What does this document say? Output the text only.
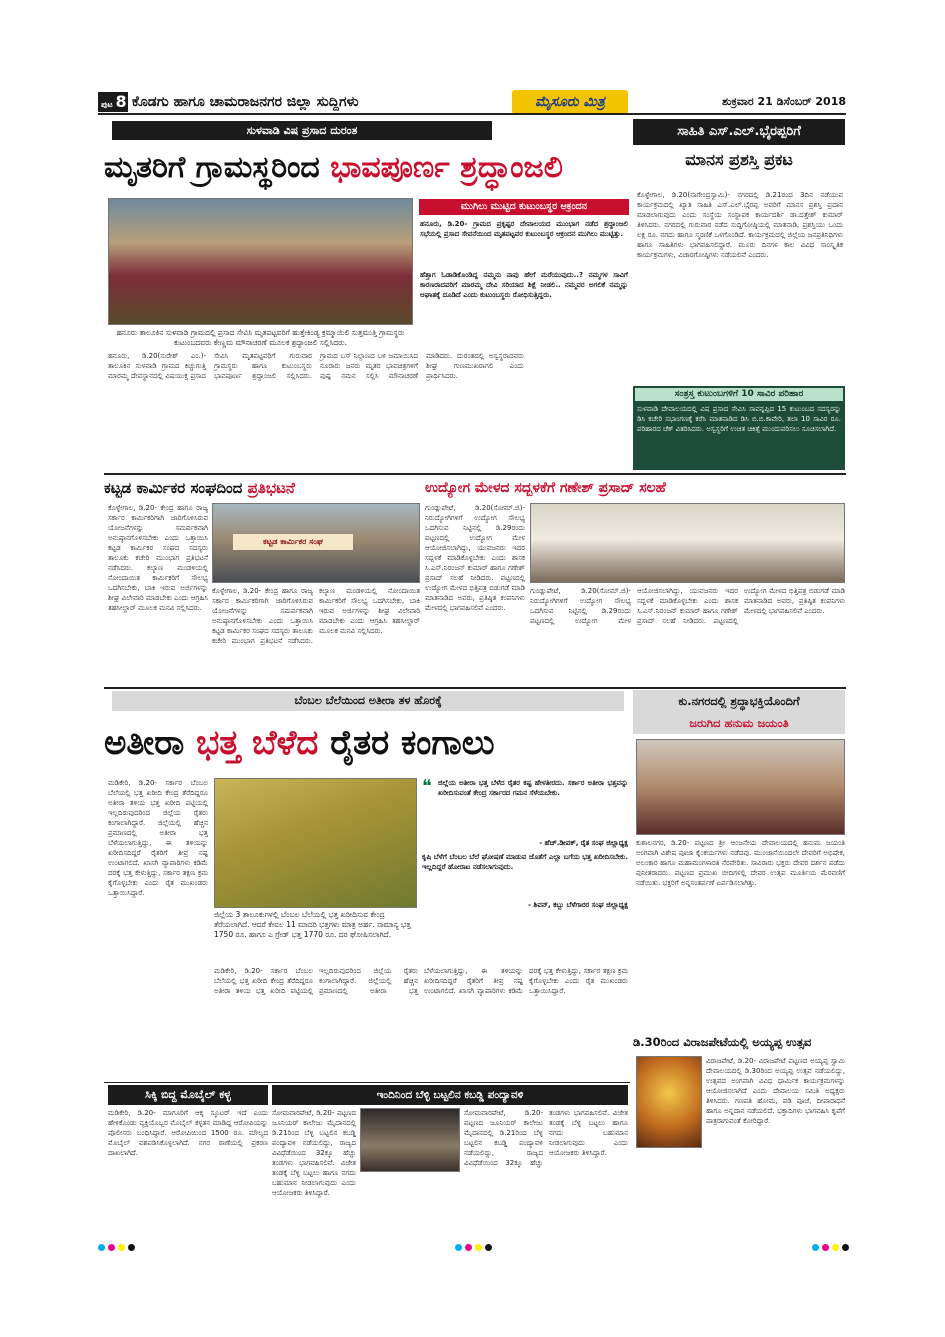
ಪುಟ 8 ಕೊಡಗು ಹಾಗೂ ಚಾಮರಾಜನಗರ ಜಿಲ್ಲಾ ಸುದ್ದಿಗಳು	ಮೈಸೂರು ಮಿತ್ರ	ಶುಕ್ರವಾರ 21 ಡಿಸೆಂಬರ್ 2018
ಸುಳವಾಡಿ ವಿಷ ಪ್ರಸಾದ ದುರಂತ
ಮೃತರಿಗೆ ಗ್ರಾಮಸ್ಥರಿಂದ ಭಾವಪೂರ್ಣ ಶ್ರದ್ಧಾಂಜಲಿ
ಹನೂರು ತಾಲೂಕಿನ ಸುಳವಾಡಿ ಗ್ರಾಮದಲ್ಲಿ ಪ್ರಸಾದ ಸೇವಿಸಿ ಮೃತಪಟ್ಟವರಿಗೆ ಹುತ್ತೇಕಿಂಡ್ಯ ಕ್ರಮ್ಮಾಯಿಲಿ ಸುತ್ತಮುತ್ತಿ ಗ್ರಾಮಸ್ಥರು ಕುಟುಂಬದವರು ಕೇಣ್ಣಮ ಮೌನಾಚರಣೆ ಮೂಲಕ ಶ್ರದ್ಧಾಂಜಲಿ ಸಲ್ಲಿಸಿದರು.
ಮುಗಿಲು ಮುಟ್ಟಿದ ಕುಟುಂಬಸ್ಥರ ಆಕ್ರಂದನ
ಹನೂರು, ಡಿ.20- ಗ್ರಾಮದ ಪ್ರಕೃಷ್ಟರ ದೇವಾಲಯದ ಮುಂಭಾಗ ನಡೆದ ಶ್ರದ್ಧಾಂಜಲಿ ಸಭೆಯಲ್ಲಿ ಪ್ರಸಾದ ಸೇವನೆಯಿಂದ ಮೃತಪಟ್ಟವರ ಕುಟುಂಬಸ್ಥರ ಆಕ್ರಂದನ ಮುಗಿಲು ಮುಟ್ಟಿತ್ತು.
ಹೆತ್ತಾಗ ಓಡಾಡಿಕೊಂಡಿದ್ದ ನಮ್ಮನು ನಾವು ಹೇಗೆ ಮರೆಯುವುದು..? ನಮ್ಮಗಳ ಸಾವಿಗೆ ಕಾರಣರಾದವರಿಗೆ ಮಾರಮ್ಮ ದೇವಿ ಸರಿಯಾದ ಶಿಕ್ಷೆ ನೀಡಲಿ.. ನಮ್ಮವರ ಅಗಲಿಕೆ ನಮ್ಮನ್ನು ಆಘಾತಕ್ಕೆ ದೂಡಿದೆ ಎಂದು ಕುಟುಂಬಸ್ಥರು ರೋಧಿಸುತ್ತಿದ್ದರು.
ಹನೂರು, ಡಿ.20(ಸುರೇಶ್ ಎಂ.)- ತಾಲೂಕಿನ ಸುಳವಾಡಿ ಗ್ರಾಮದ ಕಿಚ್ಚುಗುತ್ತಿ ಮಾರಮ್ಮ ದೇವಸ್ಥಾನದಲ್ಲಿ ವಿಷಯುಕ್ತ ಪ್ರಸಾದ ಸೇವಿಸಿ ಮೃತಪಟ್ಟವರಿಗೆ ಗುರುವಾರ ಗ್ರಾಮಸ್ಥರು ಹಾಗೂ ಕುಟುಂಬಸ್ಥರು ಭಾವಪೂರ್ಣ ಶ್ರದ್ಧಾಂಜಲಿ ಸಲ್ಲಿಸಿದರು. ಗ್ರಾಮದ ಬಸ್ ನಿಲ್ದಾಣದ ಬಳಿ ಜಮಾಯಿಸಿದ ನೂರಾರು ಜನರು ಮೃತರ ಭಾವಚಿತ್ರಗಳಿಗೆ ಪುಷ್ಪ ನಮನ ಸಲ್ಲಿಸಿ ಮೌನಾಚರಣೆ ಮಾಡಿದರು. ದುರಂತದಲ್ಲಿ ಅಸ್ವಸ್ಥರಾದವರು ಶೀಘ್ರ ಗುಣಮುಖರಾಗಲಿ ಎಂದು ಪ್ರಾರ್ಥಿಸಿದರು.
ಸಾಹಿತಿ ಎಸ್.ಎಲ್.ಭೈರಪ್ಪರಿಗೆ
ಮಾನಸ ಪ್ರಶಸ್ತಿ ಪ್ರಕಟ
ಕೊಳ್ಳೇಗಾಲ, ಡಿ.20(ನಾಗೇಂದ್ರಸ್ವಾಮಿ)- ನಗರದಲ್ಲಿ ಡಿ.21ರಂದ 3ದಿನ ನಡೆಯುವ ಕಾರ್ಯಕ್ರಮದಲ್ಲಿ ಖ್ಯಾತ ಸಾಹಿತಿ ಎಸ್.ಎಲ್.ಭೈರಪ್ಪ ಅವರಿಗೆ ಮಾನಸ ಪ್ರಶಸ್ತಿ ಪ್ರದಾನ ಮಾಡಲಾಗುವುದು ಎಂದು ಸಂಸ್ಥೆಯ ಸಂಸ್ಥಾಪಕ ಕಾರ್ಯದರ್ಶಿ ಡಾ.ದತ್ತೇಶ್ ಕುಮಾರ್ ತಿಳಿಸಿದರು. ನಗರದಲ್ಲಿ ಗುರುವಾರ ನಡೆದ ಸುದ್ದಿಗೋಷ್ಠಿಯಲ್ಲಿ ಮಾತನಾಡಿ, ಪ್ರಶಸ್ತಿಯು ಒಂದು ಲಕ್ಷ ರೂ. ನಗದು ಹಾಗೂ ಸ್ಮರಣಿಕೆ ಒಳಗೊಂಡಿದೆ. ಕಾರ್ಯಕ್ರಮದಲ್ಲಿ ಜಿಲ್ಲೆಯ ಜನಪ್ರತಿನಿಧಿಗಳು ಹಾಗೂ ಸಾಹಿತಿಗಳು ಭಾಗವಹಿಸಲಿದ್ದಾರೆ. ಮೂರು ದಿನಗಳ ಕಾಲ ವಿವಿಧ ಸಾಂಸ್ಕೃತಿಕ ಕಾರ್ಯಕ್ರಮಗಳು, ವಿಚಾರಗೋಷ್ಠಿಗಳು ನಡೆಯಲಿವೆ ಎಂದರು.
ಸಂತ್ರಸ್ತ ಕುಟುಂಬಗಳಿಗೆ 10 ಸಾವಿರ ಪರಿಹಾರ
ಸುಳವಾಡಿ ದೇವಾಲಯದಲ್ಲಿ ವಿಷ ಪ್ರಸಾದ ಸೇವಿಸಿ ಸಾವನ್ನಪ್ಪಿದ 15 ಕುಟುಂಬದ ಸದಸ್ಯರನ್ನು ಡಿಸಿ ಕಚೇರಿ ಸಭಾಂಗಣಕ್ಕೆ ಕರೆಸಿ ಮಾತನಾಡಿದ ಡಿಸಿ ಬಿ.ಬಿ.ಕಾವೇರಿ, ತಲಾ 10 ಸಾವಿರ ರೂ. ಪರಿಹಾರದ ಚೆಕ್ ವಿತರಿಸಿದರು. ಅಸ್ವಸ್ಥರಿಗೆ ಉಚಿತ ಚಿಕಿತ್ಸೆ ಮುಂದುವರಿಸಲು ಸೂಚಿಸಲಾಗಿದೆ.
ಕಟ್ಟಡ ಕಾರ್ಮಿಕರ ಸಂಘದಿಂದ ಪ್ರತಿಭಟನೆ
ಕೊಳ್ಳೇಗಾಲ, ಡಿ.20- ಕೇಂದ್ರ ಹಾಗೂ ರಾಜ್ಯ ಸರ್ಕಾರ ಕಾರ್ಮಿಕರಿಗಾಗಿ ಜಾರಿಗೊಳಿಸಿರುವ ಯೋಜನೆಗಳನ್ನು ಸಮರ್ಪಕವಾಗಿ ಅನುಷ್ಠಾನಗೊಳಿಸಬೇಕು ಎಂದು ಒತ್ತಾಯಿಸಿ ಕಟ್ಟಡ ಕಾರ್ಮಿಕರ ಸಂಘದ ಸದಸ್ಯರು ತಾಲೂಕು ಕಚೇರಿ ಮುಂಭಾಗ ಪ್ರತಿಭಟನೆ ನಡೆಸಿದರು. ಕಲ್ಯಾಣ ಮಂಡಳಿಯಲ್ಲಿ ನೋಂದಾಯಿತ ಕಾರ್ಮಿಕರಿಗೆ ಸೌಲಭ್ಯ ಒದಗಿಸಬೇಕು, ಬಾಕಿ ಇರುವ ಅರ್ಜಿಗಳನ್ನು ಶೀಘ್ರ ವಿಲೇವಾರಿ ಮಾಡಬೇಕು ಎಂದು ಆಗ್ರಹಿಸಿ ತಹಸೀಲ್ದಾರ್ ಮೂಲಕ ಮನವಿ ಸಲ್ಲಿಸಿದರು.
ಕಟ್ಟಡ ಕಾರ್ಮಿಕರ ಸಂಘ
ಕೊಳ್ಳೇಗಾಲ, ಡಿ.20- ಕೇಂದ್ರ ಹಾಗೂ ರಾಜ್ಯ ಸರ್ಕಾರ ಕಾರ್ಮಿಕರಿಗಾಗಿ ಜಾರಿಗೊಳಿಸಿರುವ ಯೋಜನೆಗಳನ್ನು ಸಮರ್ಪಕವಾಗಿ ಅನುಷ್ಠಾನಗೊಳಿಸಬೇಕು ಎಂದು ಒತ್ತಾಯಿಸಿ ಕಟ್ಟಡ ಕಾರ್ಮಿಕರ ಸಂಘದ ಸದಸ್ಯರು ತಾಲೂಕು ಕಚೇರಿ ಮುಂಭಾಗ ಪ್ರತಿಭಟನೆ ನಡೆಸಿದರು. ಕಲ್ಯಾಣ ಮಂಡಳಿಯಲ್ಲಿ ನೋಂದಾಯಿತ ಕಾರ್ಮಿಕರಿಗೆ ಸೌಲಭ್ಯ ಒದಗಿಸಬೇಕು, ಬಾಕಿ ಇರುವ ಅರ್ಜಿಗಳನ್ನು ಶೀಘ್ರ ವಿಲೇವಾರಿ ಮಾಡಬೇಕು ಎಂದು ಆಗ್ರಹಿಸಿ ತಹಸೀಲ್ದಾರ್ ಮೂಲಕ ಮನವಿ ಸಲ್ಲಿಸಿದರು.
ಉದ್ಯೋಗ ಮೇಳದ ಸದ್ಬಳಕೆಗೆ ಗಣೇಶ್ ಪ್ರಸಾದ್ ಸಲಹೆ
ಗುಂಡ್ಲುಪೇಟೆ, ಡಿ.20(ಸೋಮ್.ಜಿ)- ನಿರುದ್ಯೋಗಿಗಳಿಗೆ ಉದ್ಯೋಗ ಸೌಲಭ್ಯ ಒದಗಿಸುವ ನಿಟ್ಟಿನಲ್ಲಿ ಡಿ.29ರಂದು ಪಟ್ಟಣದಲ್ಲಿ ಉದ್ಯೋಗ ಮೇಳ ಆಯೋಜಿಸಲಾಗಿದ್ದು, ಯುವಜನರು ಇದರ ಸದ್ಬಳಕೆ ಮಾಡಿಕೊಳ್ಳಬೇಕು ಎಂದು ಶಾಸಕ ಸಿ.ಎಸ್.ನಿರಂಜನ್ ಕುಮಾರ್ ಹಾಗೂ ಗಣೇಶ್ ಪ್ರಸಾದ್ ಸಲಹೆ ನೀಡಿದರು. ಪಟ್ಟಣದಲ್ಲಿ ಉದ್ಯೋಗ ಮೇಳದ ಭಿತ್ತಿಪತ್ರ ಬಿಡುಗಡೆ ಮಾಡಿ ಮಾತನಾಡಿದ ಅವರು, ಪ್ರತಿಷ್ಠಿತ ಕಂಪನಿಗಳು ಮೇಳದಲ್ಲಿ ಭಾಗವಹಿಸಲಿವೆ ಎಂದರು.
ಗುಂಡ್ಲುಪೇಟೆ, ಡಿ.20(ಸೋಮ್.ಜಿ)- ನಿರುದ್ಯೋಗಿಗಳಿಗೆ ಉದ್ಯೋಗ ಸೌಲಭ್ಯ ಒದಗಿಸುವ ನಿಟ್ಟಿನಲ್ಲಿ ಡಿ.29ರಂದು ಪಟ್ಟಣದಲ್ಲಿ ಉದ್ಯೋಗ ಮೇಳ ಆಯೋಜಿಸಲಾಗಿದ್ದು, ಯುವಜನರು ಇದರ ಸದ್ಬಳಕೆ ಮಾಡಿಕೊಳ್ಳಬೇಕು ಎಂದು ಶಾಸಕ ಸಿ.ಎಸ್.ನಿರಂಜನ್ ಕುಮಾರ್ ಹಾಗೂ ಗಣೇಶ್ ಪ್ರಸಾದ್ ಸಲಹೆ ನೀಡಿದರು. ಪಟ್ಟಣದಲ್ಲಿ ಉದ್ಯೋಗ ಮೇಳದ ಭಿತ್ತಿಪತ್ರ ಬಿಡುಗಡೆ ಮಾಡಿ ಮಾತನಾಡಿದ ಅವರು, ಪ್ರತಿಷ್ಠಿತ ಕಂಪನಿಗಳು ಮೇಳದಲ್ಲಿ ಭಾಗವಹಿಸಲಿವೆ ಎಂದರು.
ಬೆಂಬಲ ಬೆಲೆಯಿಂದ ಅತೀರಾ ತಳ ಹೊರಕ್ಕೆ
ಅತೀರಾ ಭತ್ತ ಬೆಳೆದ ರೈತರ ಕಂಗಾಲು
ಮಡಿಕೇರಿ, ಡಿ.20- ಸರ್ಕಾರ ಬೆಂಬಲ ಬೆಲೆಯಲ್ಲಿ ಭತ್ತ ಖರೀದಿ ಕೇಂದ್ರ ತೆರೆದಿದ್ದರೂ ಅತೀರಾ ತಳಿಯ ಭತ್ತ ಖರೀದಿ ಪಟ್ಟಿಯಲ್ಲಿ ಇಲ್ಲದಿರುವುದರಿಂದ ಜಿಲ್ಲೆಯ ರೈತರು ಕಂಗಾಲಾಗಿದ್ದಾರೆ. ಜಿಲ್ಲೆಯಲ್ಲಿ ಹೆಚ್ಚಿನ ಪ್ರಮಾಣದಲ್ಲಿ ಅತೀರಾ ಭತ್ತ ಬೆಳೆಯಲಾಗುತ್ತಿದ್ದು, ಈ ತಳಿಯನ್ನು ಖರೀದಿಸದಿದ್ದರೆ ರೈತರಿಗೆ ತೀವ್ರ ನಷ್ಟ ಉಂಟಾಗಲಿದೆ. ಖಾಸಗಿ ವ್ಯಾಪಾರಿಗಳು ಕಡಿಮೆ ದರಕ್ಕೆ ಭತ್ತ ಕೇಳುತ್ತಿದ್ದು, ಸರ್ಕಾರ ತಕ್ಷಣ ಕ್ರಮ ಕೈಗೊಳ್ಳಬೇಕು ಎಂದು ರೈತ ಮುಖಂಡರು ಒತ್ತಾಯಿಸಿದ್ದಾರೆ.
ಜಿಲ್ಲೆಯ 3 ತಾಲೂಕುಗಳಲ್ಲಿ ಬೆಂಬಲ ಬೆಲೆಯಲ್ಲಿ ಭತ್ತ ಖರೀದಿಸುವ ಕೇಂದ್ರ ತೆರೆಯಲಾಗಿದೆ. ಆದರೆ ಕೇವಲ 11 ಮಾದರಿ ಭತ್ತಗಳು ಮಾತ್ರ ಅರ್ಹ. ಸಾಮಾನ್ಯ ಭತ್ತ 1750 ರೂ. ಹಾಗೂ ಎ ಗ್ರೇಡ್ ಭತ್ತ 1770 ರೂ. ದರ ಘೋಷಿಸಲಾಗಿದೆ.
❝ ಜಿಲ್ಲೆಯ ಅತೀರಾ ಭತ್ತ ಬೆಳೆದ ರೈತರ ಕಷ್ಟ ಹೇಳತೀರದು. ಸರ್ಕಾರ ಅತೀರಾ ಭತ್ತವನ್ನು ಖರೀದಿಸುವಂತೆ ಕೇಂದ್ರ ಸರ್ಕಾರದ ಗಮನ ಸೆಳೆಯಬೇಕು.
- ಹೆಚ್.ಡೀಪಕ್, ರೈತ ಸಂಘ ಜಿಲ್ಲಾಧ್ಯಕ್ಷ
ಕೃಷಿ ಬೆಳೆಗೆ ಬೆಂಬಲ ಬೆಲೆ ಘೋಷಣೆ ಮಾಡುವ ಜೊತೆಗೆ ಎಲ್ಲಾ ಬಗೆಯ ಭತ್ತ ಖರೀದಿಸಬೇಕು. ಇಲ್ಲದಿದ್ದರೆ ಹೋರಾಟ ನಡೆಸಲಾಗುವುದು.
- ಶಿವನ್, ಕಬ್ಬು ಬೆಳೆಗಾರರ ಸಂಘ ಜಿಲ್ಲಾಧ್ಯಕ್ಷ
ಮಡಿಕೇರಿ, ಡಿ.20- ಸರ್ಕಾರ ಬೆಂಬಲ ಬೆಲೆಯಲ್ಲಿ ಭತ್ತ ಖರೀದಿ ಕೇಂದ್ರ ತೆರೆದಿದ್ದರೂ ಅತೀರಾ ತಳಿಯ ಭತ್ತ ಖರೀದಿ ಪಟ್ಟಿಯಲ್ಲಿ ಇಲ್ಲದಿರುವುದರಿಂದ ಜಿಲ್ಲೆಯ ರೈತರು ಕಂಗಾಲಾಗಿದ್ದಾರೆ. ಜಿಲ್ಲೆಯಲ್ಲಿ ಹೆಚ್ಚಿನ ಪ್ರಮಾಣದಲ್ಲಿ ಅತೀರಾ ಭತ್ತ ಬೆಳೆಯಲಾಗುತ್ತಿದ್ದು, ಈ ತಳಿಯನ್ನು ಖರೀದಿಸದಿದ್ದರೆ ರೈತರಿಗೆ ತೀವ್ರ ನಷ್ಟ ಉಂಟಾಗಲಿದೆ. ಖಾಸಗಿ ವ್ಯಾಪಾರಿಗಳು ಕಡಿಮೆ ದರಕ್ಕೆ ಭತ್ತ ಕೇಳುತ್ತಿದ್ದು, ಸರ್ಕಾರ ತಕ್ಷಣ ಕ್ರಮ ಕೈಗೊಳ್ಳಬೇಕು ಎಂದು ರೈತ ಮುಖಂಡರು ಒತ್ತಾಯಿಸಿದ್ದಾರೆ.
ಕು.ನಗರದಲ್ಲಿ ಶ್ರದ್ಧಾಭಕ್ತಿಯೊಂದಿಗೆ
ಜರುಗಿದ ಹನುಮ ಜಯಂತಿ
ಕುಶಾಲನಗರ, ಡಿ.20- ಪಟ್ಟಣದ ಶ್ರೀ ಆಂಜನೇಯ ದೇವಾಲಯದಲ್ಲಿ ಹನುಮ ಜಯಂತಿ ಅಂಗವಾಗಿ ವಿಶೇಷ ಪೂಜಾ ಕೈಂಕರ್ಯಗಳು ನಡೆದವು. ಮುಂಜಾನೆಯಿಂದಲೇ ದೇವರಿಗೆ ಅಭಿಷೇಕ, ಅಲಂಕಾರ ಹಾಗೂ ಮಹಾಮಂಗಳಾರತಿ ನೆರವೇರಿತು. ಸಾವಿರಾರು ಭಕ್ತರು ದೇವರ ದರ್ಶನ ಪಡೆದು ಪುನೀತರಾದರು. ಪಟ್ಟಣದ ಪ್ರಮುಖ ಬೀದಿಗಳಲ್ಲಿ ದೇವರ ಉತ್ಸವ ಮೂರ್ತಿಯ ಮೆರವಣಿಗೆ ನಡೆಯಿತು. ಭಕ್ತರಿಗೆ ಅನ್ನಸಂತರ್ಪಣೆ ಏರ್ಪಡಿಸಲಾಗಿತ್ತು.
ಡಿ.30ರಿಂದ ವಿರಾಜಪೇಟೆಯಲ್ಲಿ ಅಯ್ಯಪ್ಪ ಉತ್ಸವ
ವಿರಾಜಪೇಟೆ, ಡಿ.20- ವಿರಾಜಪೇಟೆ ಪಟ್ಟಣದ ಅಯ್ಯಪ್ಪ ಸ್ವಾಮಿ ದೇವಾಲಯದಲ್ಲಿ ಡಿ.30ರಿಂದ ಅಯ್ಯಪ್ಪ ಉತ್ಸವ ನಡೆಯಲಿದ್ದು, ಉತ್ಸವದ ಅಂಗವಾಗಿ ವಿವಿಧ ಧಾರ್ಮಿಕ ಕಾರ್ಯಕ್ರಮಗಳನ್ನು ಆಯೋಜಿಸಲಾಗಿದೆ ಎಂದು ದೇವಾಲಯ ಸಮಿತಿ ಅಧ್ಯಕ್ಷರು ತಿಳಿಸಿದರು. ಗಣಪತಿ ಹೋಮ, ಪಡಿ ಪೂಜೆ, ದೀಪಾರಾಧನೆ ಹಾಗೂ ಅನ್ನದಾನ ನಡೆಯಲಿದೆ. ಭಕ್ತಾದಿಗಳು ಭಾಗವಹಿಸಿ ಕೃಪೆಗೆ ಪಾತ್ರರಾಗುವಂತೆ ಕೋರಿದ್ದಾರೆ.
ಸಿಕ್ಕಿ ಬಿದ್ದ ಮೊಬೈಲ್ ಕಳ್ಳ
ಮಡಿಕೇರಿ, ಡಿ.20- ಮಾಗೂರಿಗೆ ಆಕ್ಕ ಸ್ಕೂಟರ್ ಇದೆ ಎಂದು ಹೇಳಿಕೊಂಡು ವ್ಯಕ್ತಿಯೊಬ್ಬರ ಮೊಬೈಲ್ ಕಳ್ಳತನ ಮಾಡಿದ್ದ ಆರೋಪಿಯನ್ನು ಪೊಲೀಸರು ಬಂಧಿಸಿದ್ದಾರೆ. ಆರೋಪಿಯಿಂದ 1500 ರೂ. ಮೌಲ್ಯದ ಮೊಬೈಲ್ ವಶಪಡಿಸಿಕೊಳ್ಳಲಾಗಿದೆ. ನಗರ ಠಾಣೆಯಲ್ಲಿ ಪ್ರಕರಣ ದಾಖಲಾಗಿದೆ.
ಇಂದಿನಿಂದ ಬೆಳ್ಳಿ ಬಟ್ಟಲಿನ ಕಬಡ್ಡಿ ಪಂದ್ಯಾವಳಿ
ಸೋಮವಾರಪೇಟೆ, ಡಿ.20- ಪಟ್ಟಣದ ಜೂನಿಯರ್ ಕಾಲೇಜು ಮೈದಾನದಲ್ಲಿ ಡಿ.21ರಿಂದ ಬೆಳ್ಳಿ ಬಟ್ಟಲಿನ ಕಬಡ್ಡಿ ಪಂದ್ಯಾವಳಿ ನಡೆಯಲಿದ್ದು, ರಾಜ್ಯದ ವಿವಿಧೆಡೆಯಿಂದ 32ಕ್ಕೂ ಹೆಚ್ಚು ತಂಡಗಳು ಭಾಗವಹಿಸಲಿವೆ. ವಿಜೇತ ತಂಡಕ್ಕೆ ಬೆಳ್ಳಿ ಬಟ್ಟಲು ಹಾಗೂ ನಗದು ಬಹುಮಾನ ನೀಡಲಾಗುವುದು ಎಂದು ಆಯೋಜಕರು ತಿಳಿಸಿದ್ದಾರೆ.
ಸೋಮವಾರಪೇಟೆ, ಡಿ.20- ಪಟ್ಟಣದ ಜೂನಿಯರ್ ಕಾಲೇಜು ಮೈದಾನದಲ್ಲಿ ಡಿ.21ರಿಂದ ಬೆಳ್ಳಿ ಬಟ್ಟಲಿನ ಕಬಡ್ಡಿ ಪಂದ್ಯಾವಳಿ ನಡೆಯಲಿದ್ದು, ರಾಜ್ಯದ ವಿವಿಧೆಡೆಯಿಂದ 32ಕ್ಕೂ ಹೆಚ್ಚು ತಂಡಗಳು ಭಾಗವಹಿಸಲಿವೆ. ವಿಜೇತ ತಂಡಕ್ಕೆ ಬೆಳ್ಳಿ ಬಟ್ಟಲು ಹಾಗೂ ನಗದು ಬಹುಮಾನ ನೀಡಲಾಗುವುದು ಎಂದು ಆಯೋಜಕರು ತಿಳಿಸಿದ್ದಾರೆ.
